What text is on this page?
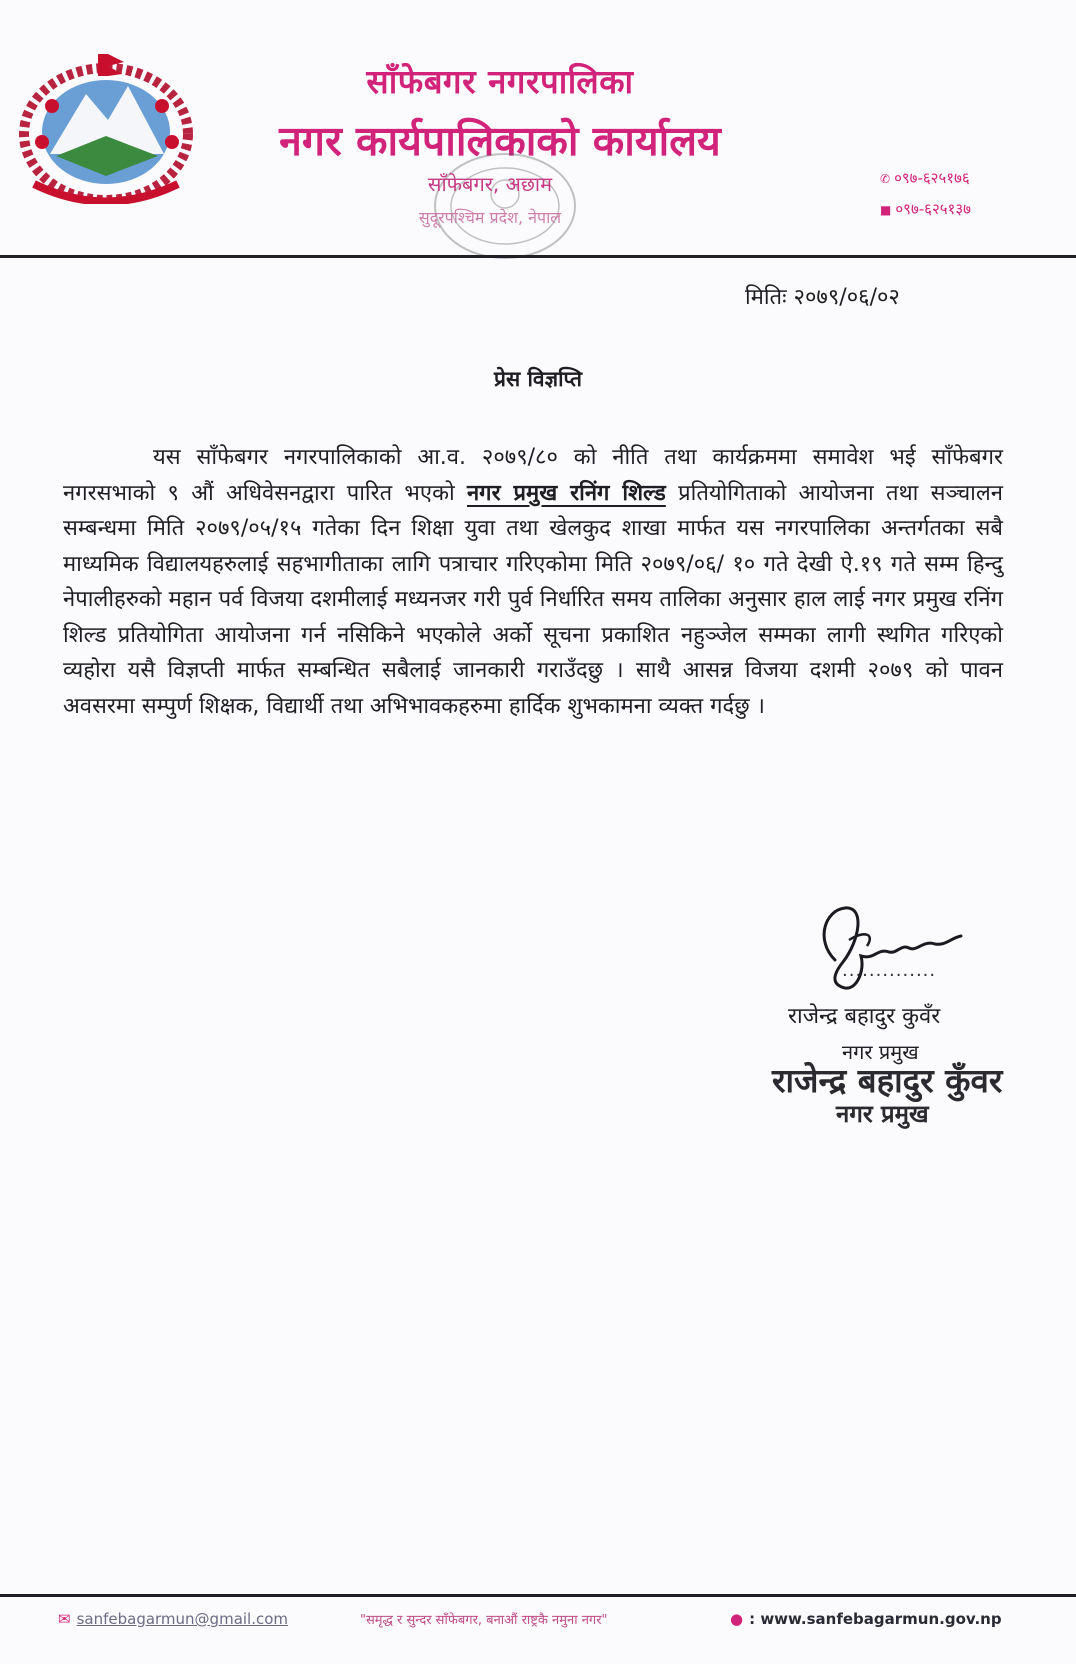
साँफेबगर नगरपालिका
नगर कार्यपालिकाको कार्यालय
साँफेबगर, अछाम
सुदूरपश्चिम प्रदेश, नेपाल
✆ ०९७-६२५१७६
■ ०९७-६२५१३७
मितिः २०७९/०६/०२
प्रेस विज्ञप्ति

यस साँफेबगर नगरपालिकाको आ.व. २०७९/८० को नीति तथा कार्यक्रममा समावेश भई साँफेबगर नगरसभाको ९ औं अधिवेसनद्वारा पारित भएको नगर प्रमुख रनिंग शिल्ड प्रतियोगिताको आयोजना तथा सञ्चालन सम्बन्धमा मिति २०७९/०५/१५ गतेका दिन शिक्षा युवा तथा खेलकुद शाखा मार्फत यस नगरपालिका अन्तर्गतका सबै माध्यमिक विद्यालयहरुलाई सहभागीताका लागि पत्राचार गरिएकोमा मिति २०७९/०६/ १० गते देखी ऐ.१९ गते सम्म हिन्दु नेपालीहरुको महान पर्व विजया दशमीलाई मध्यनजर गरी पुर्व निर्धारित समय तालिका अनुसार हाल लाई नगर प्रमुख रनिंग शिल्ड प्रतियोगिता आयोजना गर्न नसिकिने भएकोले अर्को सूचना प्रकाशित नहुञ्जेल सम्मका लागी स्थगित गरिएको व्यहोरा यसै विज्ञप्ती मार्फत सम्बन्धित सबैलाई जानकारी गराउँदछु । साथै आसन्न विजया दशमी २०७९ को पावन अवसरमा सम्पुर्ण शिक्षक, विद्यार्थी तथा अभिभावकहरुमा हार्दिक शुभकामना व्यक्त गर्दछु ।

..............
राजेन्द्र बहादुर कुवँर
नगर प्रमुख
राजेन्द्र बहादुर कुँवर
नगर प्रमुख
✉ sanfebagarmun@gmail.com	"समृद्ध र सुन्दर साँफेबगर, बनाऔं राष्ट्रकै नमुना नगर"	● : www.sanfebagarmun.gov.np
